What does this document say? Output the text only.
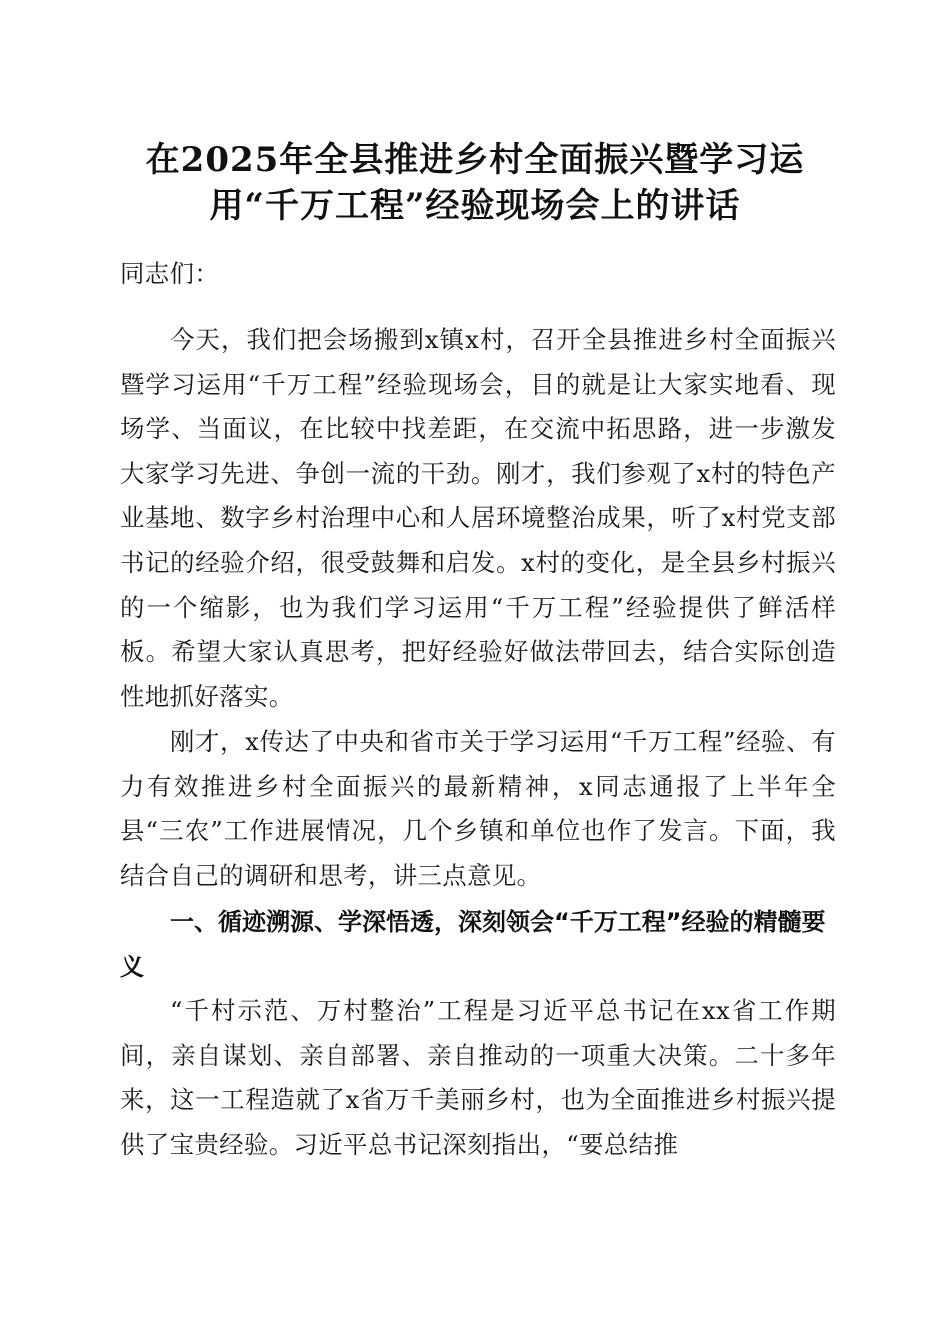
在2025年全县推进乡村全面振兴暨学习运
用“千万工程”经验现场会上的讲话

同志们：

今天，我们把会场搬到x镇x村，召开全县推进乡村全面振兴暨学习运用“千万工程”经验现场会，目的就是让大家实地看、现场学、当面议，在比较中找差距，在交流中拓思路，进一步激发大家学习先进、争创一流的干劲。刚才，我们参观了x村的特色产业基地、数字乡村治理中心和人居环境整治成果，听了x村党支部书记的经验介绍，很受鼓舞和启发。x村的变化，是全县乡村振兴的一个缩影，也为我们学习运用“千万工程”经验提供了鲜活样板。希望大家认真思考，把好经验好做法带回去，结合实际创造性地抓好落实。

刚才，x传达了中央和省市关于学习运用“千万工程”经验、有力有效推进乡村全面振兴的最新精神，x同志通报了上半年全县“三农”工作进展情况，几个乡镇和单位也作了发言。下面，我结合自己的调研和思考，讲三点意见。

一、循迹溯源、学深悟透，深刻领会“千万工程”经验的精髓要义

“千村示范、万村整治”工程是习近平总书记在xx省工作期间，亲自谋划、亲自部署、亲自推动的一项重大决策。二十多年来，这一工程造就了x省万千美丽乡村，也为全面推进乡村振兴提供了宝贵经验。习近平总书记深刻指出，“要总结推
